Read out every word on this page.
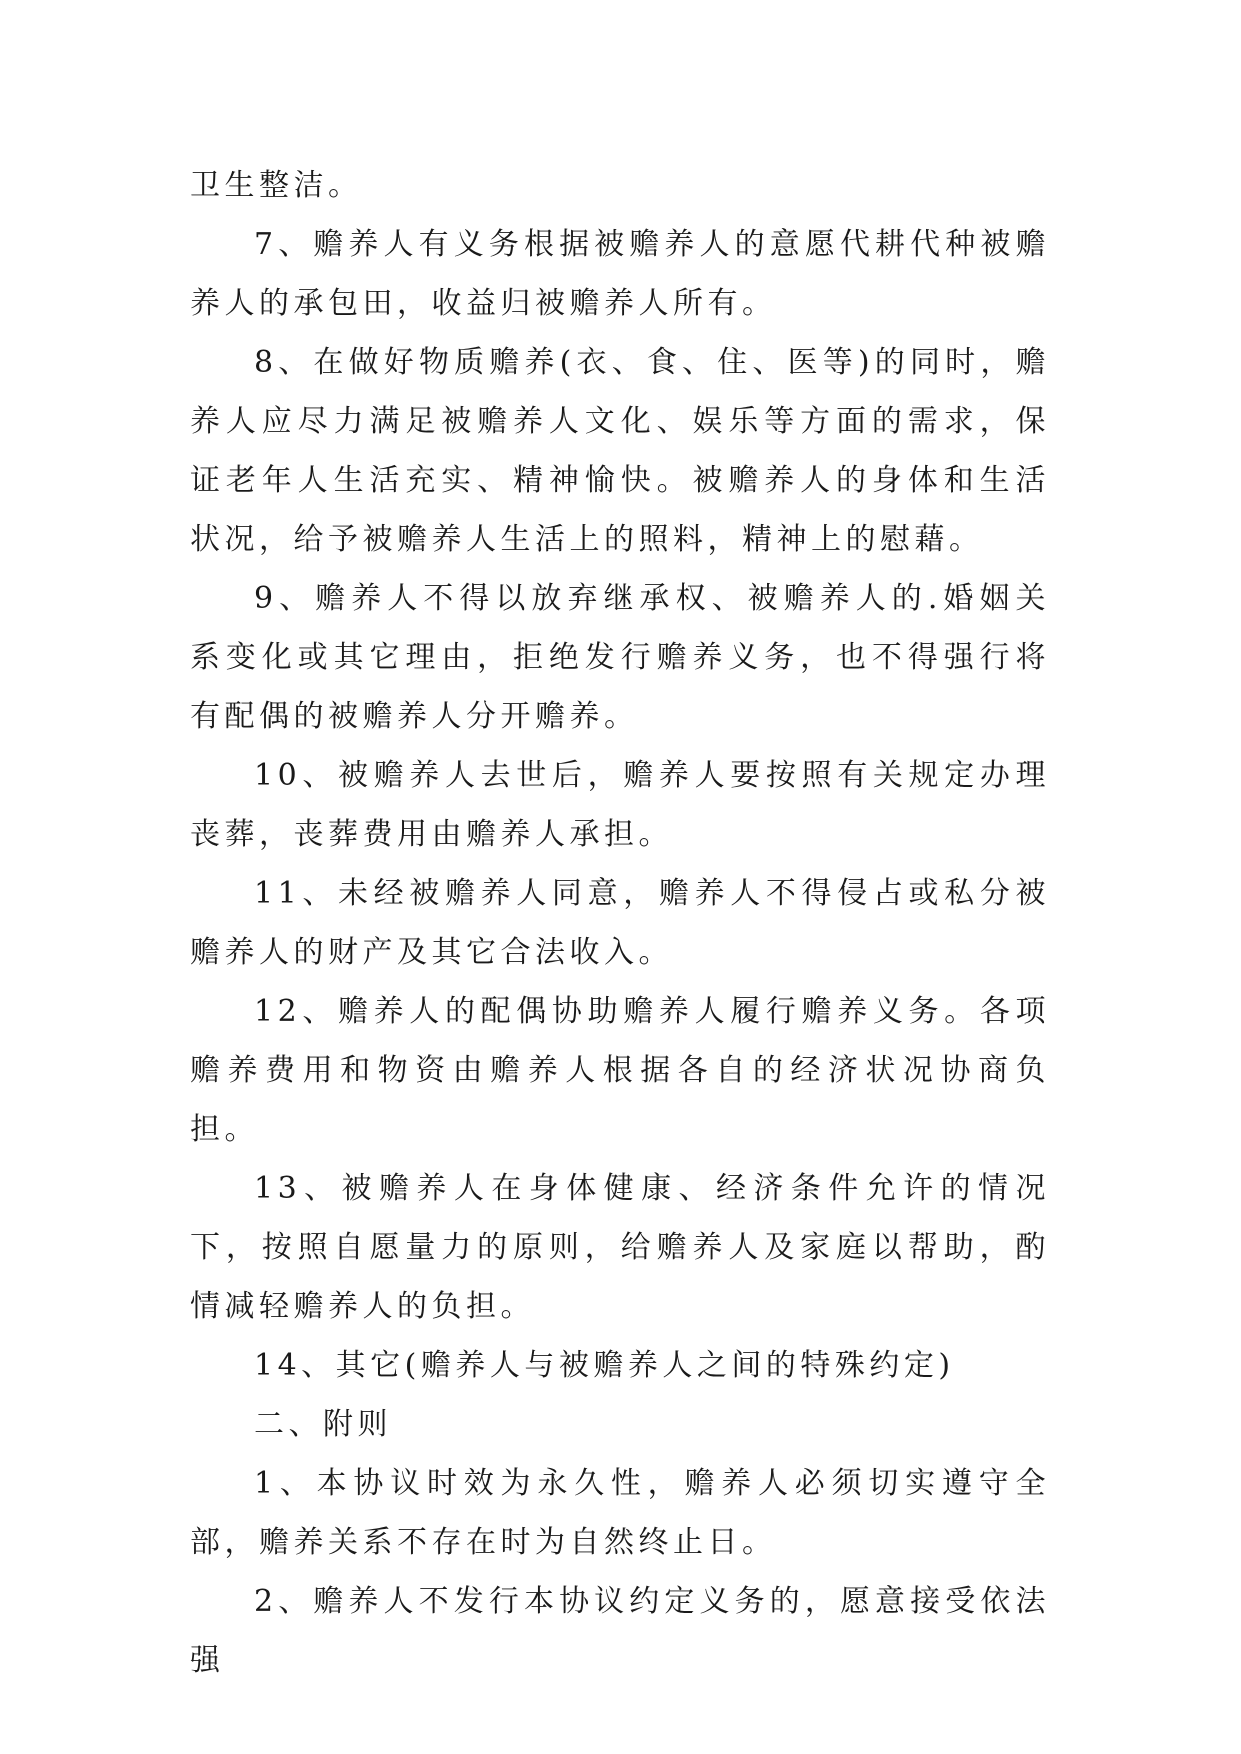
卫生整洁。

7、赡养人有义务根据被赡养人的意愿代耕代种被赡养人的承包田，收益归被赡养人所有。

8、在做好物质赡养(衣、食、住、医等)的同时，赡养人应尽力满足被赡养人文化、娱乐等方面的需求，保证老年人生活充实、精神愉快。被赡养人的身体和生活状况，给予被赡养人生活上的照料，精神上的慰藉。

9、赡养人不得以放弃继承权、被赡养人的.婚姻关系变化或其它理由，拒绝发行赡养义务，也不得强行将有配偶的被赡养人分开赡养。

10、被赡养人去世后，赡养人要按照有关规定办理丧葬，丧葬费用由赡养人承担。

11、未经被赡养人同意，赡养人不得侵占或私分被赡养人的财产及其它合法收入。

12、赡养人的配偶协助赡养人履行赡养义务。各项赡养费用和物资由赡养人根据各自的经济状况协商负担。

13、被赡养人在身体健康、经济条件允许的情况下，按照自愿量力的原则，给赡养人及家庭以帮助，酌情减轻赡养人的负担。

14、其它(赡养人与被赡养人之间的特殊约定)

二、附则

1、本协议时效为永久性，赡养人必须切实遵守全部，赡养关系不存在时为自然终止日。

2、赡养人不发行本协议约定义务的，愿意接受依法强
